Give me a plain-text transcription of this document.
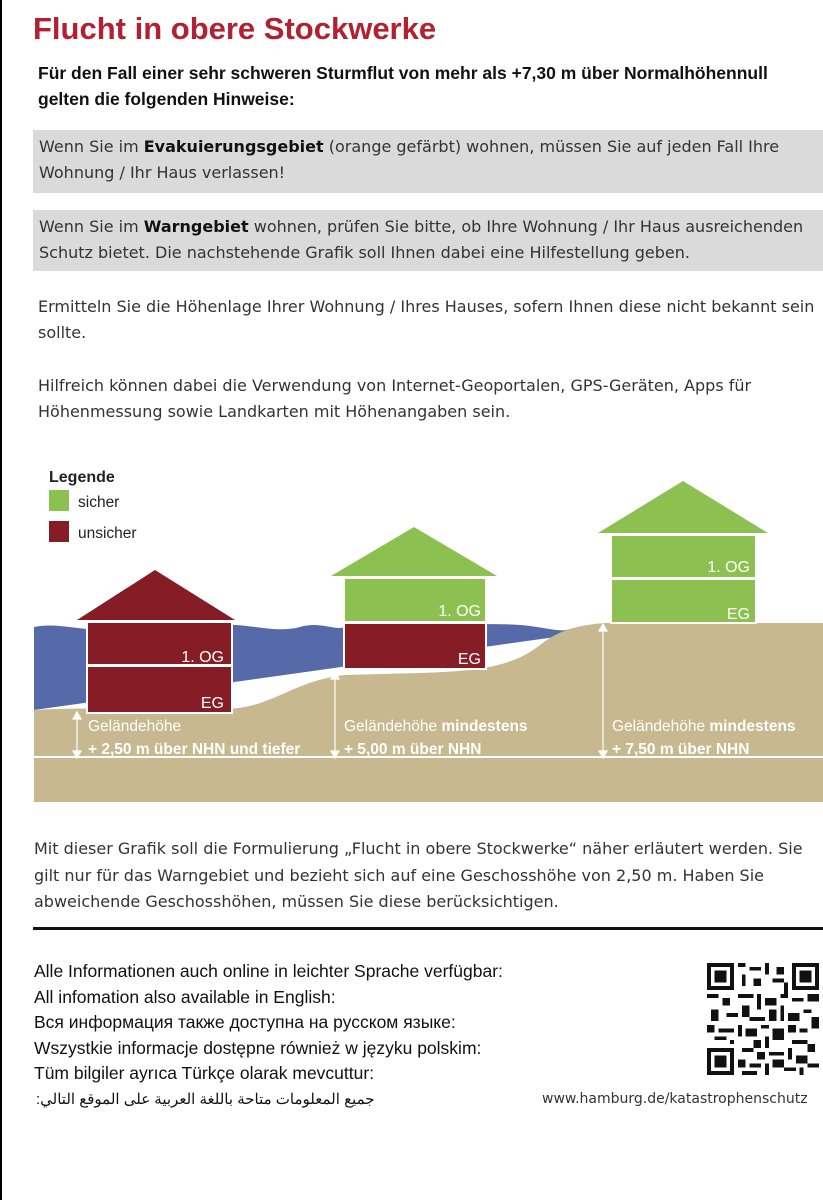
Flucht in obere Stockwerke

Für den Fall einer sehr schweren Sturmflut von mehr als +7,30 m über Normalhöhennull gelten die folgenden Hinweise:

Wenn Sie im Evakuierungsgebiet (orange gefärbt) wohnen, müssen Sie auf jeden Fall Ihre Wohnung / Ihr Haus verlassen!
Wenn Sie im Warngebiet wohnen, prüfen Sie bitte, ob Ihre Wohnung / Ihr Haus ausreichenden Schutz bietet. Die nachstehende Grafik soll Ihnen dabei eine Hilfestellung geben.

Ermitteln Sie die Höhenlage Ihrer Wohnung / Ihres Hauses, sofern Ihnen diese nicht bekannt sein sollte.

Hilfreich können dabei die Verwendung von Internet-Geoportalen, GPS-Geräten, Apps für Höhenmessung sowie Landkarten mit Höhenangaben sein.

1. OG
EG
1. OG
EG
1. OG
EG
Geländehöhe
+ 2,50 m über NHN und tiefer
Geländehöhe mindestens
+ 5,00 m über NHN
Geländehöhe mindestens
+ 7,50 m über NHN
Legende
sicher
unsicher

Mit dieser Grafik soll die Formulierung „Flucht in obere Stockwerke“ näher erläutert werden. Sie gilt nur für das Warngebiet und bezieht sich auf eine Geschosshöhe von 2,50 m. Haben Sie abweichende Geschosshöhen, müssen Sie diese berücksichtigen.

Alle Informationen auch online in leichter Sprache verfügbar:
All infomation also available in English:
Вся информация также доступна на русском языке:
Wszystkie informacje dostępne również w języku polskim:
Tüm bilgiler ayrıca Türkçe olarak mevcuttur:
جميع المعلومات متاحة باللغة العربية على الموقع التالي:	www.hamburg.de/katastrophenschutz
